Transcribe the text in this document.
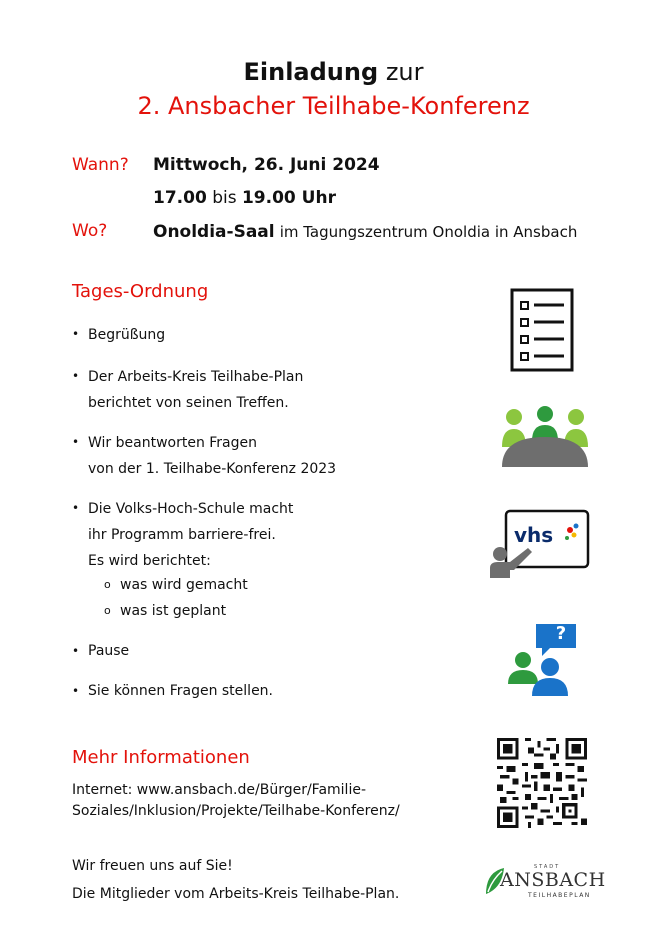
Einladung zur
2. Ansbacher Teilhabe-Konferenz
Wann? Mittwoch, 26. Juni 2024
17.00 bis 19.00 Uhr
Wo?	Onoldia-Saal im Tagungszentrum Onoldia in Ansbach
Tages-Ordnung
• Begrüßung
• Der Arbeits-Kreis Teilhabe-Plan
berichtet von seinen Treffen.
• Wir beantworten Fragen
von der 1. Teilhabe-Konferenz 2023
• Die Volks-Hoch-Schule macht
ihr Programm barriere-frei.
Es wird berichtet:
o was wird gemacht
o was ist geplant
• Pause
• Sie können Fragen stellen.
vhs
?
Mehr Informationen
Internet: www.ansbach.de/Bürger/Familie-
Soziales/Inklusion/Projekte/Teilhabe-Konferenz/
Wir freuen uns auf Sie!
Die Mitglieder vom Arbeits-Kreis Teilhabe-Plan.
STADT
ANSBACH
TEILHABEPLAN
